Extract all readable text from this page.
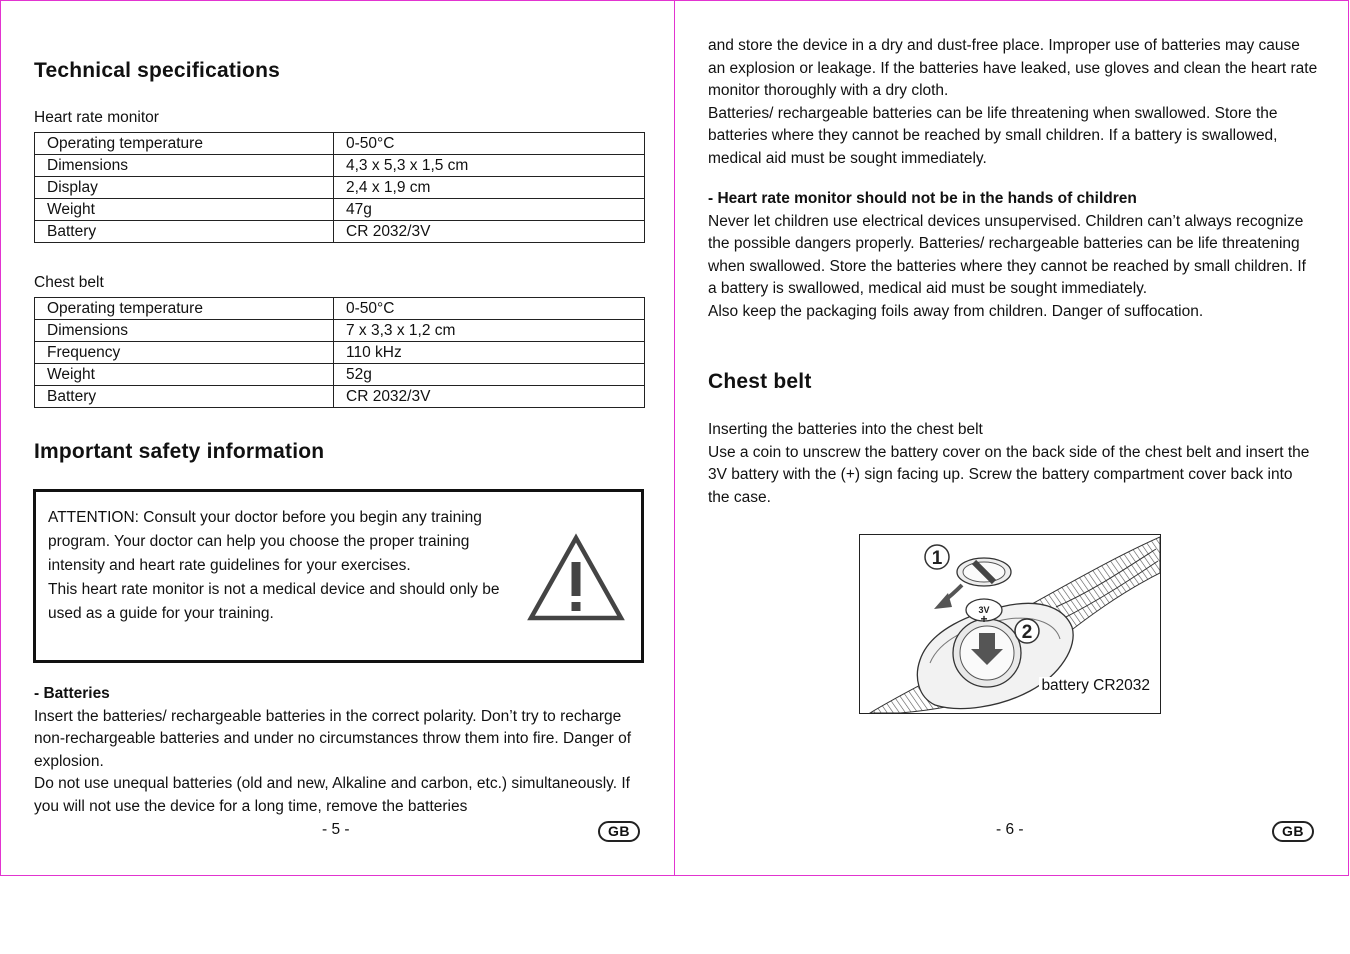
Technical specifications
Heart rate monitor
Operating temperature	0-50°C
Dimensions	4,3 x 5,3 x 1,5 cm
Display	2,4 x 1,9 cm
Weight	47g
Battery	CR 2032/3V
Chest belt
Operating temperature	0-50°C
Dimensions	7 x 3,3 x 1,2 cm
Frequency	110 kHz
Weight	52g
Battery	CR 2032/3V
Important safety information

ATTENTION: Consult your doctor before you begin any training program. Your doctor can help you choose the proper training intensity and heart rate guidelines for your exercises.

This heart rate monitor is not a medical device and should only be used as a guide for your training.

- Batteries

Insert the batteries/ rechargeable batteries in the correct polarity. Don’t try to recharge non-rechargeable batteries and under no circumstances throw them into fire. Danger of explosion.

Do not use unequal batteries (old and new, Alkaline and carbon, etc.) simultaneously. If you will not use the device for a long time, remove the batteries

- 5 -	GB

and store the device in a dry and dust-free place. Improper use of batteries may cause an explosion or leakage. If the batteries have leaked, use gloves and clean the heart rate monitor thoroughly with a dry cloth.

Batteries/ rechargeable batteries can be life threatening when swallowed. Store the batteries where they cannot be reached by small children. If a battery is swallowed, medical aid must be sought immediately.

- Heart rate monitor should not be in the hands of children

Never let children use electrical devices unsupervised. Children can’t always recognize the possible dangers properly. Batteries/ rechargeable batteries can be life threatening when swallowed. Store the batteries where they cannot be reached by small children. If a battery is swallowed, medical aid must be sought immediately.

Also keep the packaging foils away from children. Danger of suffocation.

Chest belt

Inserting the batteries into the chest belt

Use a coin to unscrew the battery cover on the back side of the chest belt and insert the 3V battery with the (+) sign facing up. Screw the battery compartment cover back into the case.

- 6 -	GB
3V
+
1
2
battery CR2032
